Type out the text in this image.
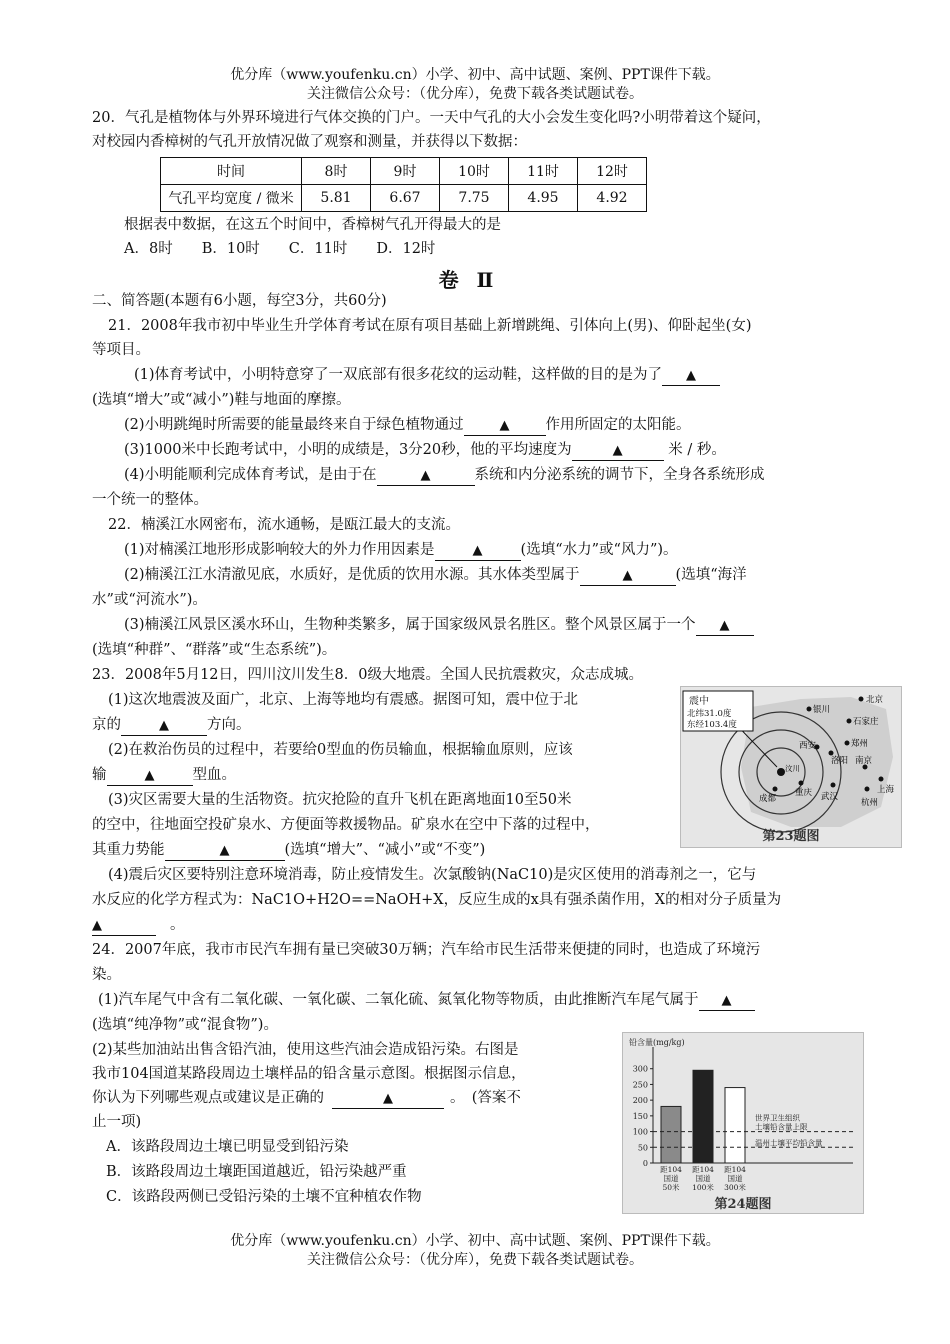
优分库（www.youfenku.cn）小学、初中、高中试题、案例、PPT课件下载。
关注微信公众号：（优分库），免费下载各类试题试卷。
20．气孔是植物体与外界环境进行气体交换的门户。一天中气孔的大小会发生变化吗?小明带着这个疑问，
对校园内香樟树的气孔开放情况做了观察和测量，并获得以下数据：
时间	8时	9时	10时	11时	12时
气孔平均宽度 / 微米	5.81	6.67	7.75	4.95	4.92
根据表中数据，在这五个时间中，香樟树气孔开得最大的是
A．8时　　B．10时　　C．11时　　D．12时
卷Ⅱ
二、简答题(本题有6小题，每空3分，共60分)
21．2008年我市初中毕业生升学体育考试在原有项目基础上新增跳绳、引体向上(男)、仰卧起坐(女)
等项目。
(1)体育考试中，小明特意穿了一双底部有很多花纹的运动鞋，这样做的目的是为了 ▲
(选填“增大”或“减小”)鞋与地面的摩擦。
(2)小明跳绳时所需要的能量最终来自于绿色植物通过	▲ 作用所固定的太阳能。
(3)1000米中长跑考试中，小明的成绩是，3分20秒，他的平均速度为	▲	米 / 秒。
(4)小明能顺利完成体育考试，是由于在	▲	系统和内分泌系统的调节下，全身各系统形成
一个统一的整体。
22．楠溪江水网密布，流水通畅，是瓯江最大的支流。
(1)对楠溪江地形形成影响较大的外力作用因素是	▲	(选填“水力”或“风力”)。
(2)楠溪江江水清澈见底，水质好，是优质的饮用水源。其水体类型属于	▲	(选填“海洋
水”或“河流水”)。
(3)楠溪江风景区溪水环山，生物种类繁多，属于国家级风景名胜区。整个风景区属于一个 ▲
(选填“种群”、“群落”或“生态系统”)。
23．2008年5月12日，四川汶川发生8．0级大地震。全国人民抗震救灾，众志成城。
(1)这次地震波及面广，北京、上海等地均有震感。据图可知，震中位于北
京的	▲	方向。
(2)在救治伤员的过程中，若要给0型血的伤员输血，根据输血原则，应该
输	▲	型血。
(3)灾区需要大量的生活物资。抗灾抢险的直升飞机在距离地面10至50米
的空中，往地面空投矿泉水、方便面等救援物品。矿泉水在空中下落的过程中，
其重力势能	▲	(选填“增大”、“减小”或“不变”)
(4)震后灾区要特别注意环境消毒，防止疫情发生。次氯酸钠(NaC10)是灾区使用的消毒剂之一，它与
水反应的化学方程式为：NaC1O+H2O==NaOH+X，反应生成的x具有强杀菌作用，X的相对分子质量为
▲	。
震中
北纬31.0度
东经103.4度
北京
银川
石家庄
郑州
西安
洛阳 南京
上海
杭州
武汉
重庆
成都
汶川
第23题图
24．2007年底，我市市民汽车拥有量已突破30万辆；汽车给市民生活带来便捷的同时，也造成了环境污
染。
(1)汽车尾气中含有二氧化碳、一氧化碳、二氧化硫、氮氧化物等物质，由此推断汽车尾气属于 ▲
(选填“纯净物”或“混食物”)。
(2)某些加油站出售含铅汽油，使用这些汽油会造成铅污染。右图是
我市104国道某路段周边土壤样品的铅含量示意图。根据图示信息，
你认为下列哪些观点或建议是正确的	▲	。　(答案不
止一项)
A．该路段周边土壤已明显受到铅污染
B．该路段周边土壤距国道越近，铅污染越严重
C．该路段两侧已受铅污染的土壤不宜种植农作物
铅含量(mg/kg)
0
50
100
150
200
250
300
距104
国道
50米
距104
国道
100米
距104
国道
300米
世界卫生组织
土壤铅含量上限
温州土壤平均铅含量
第24题图
优分库（www.youfenku.cn）小学、初中、高中试题、案例、PPT课件下载。
关注微信公众号：（优分库），免费下载各类试题试卷。
